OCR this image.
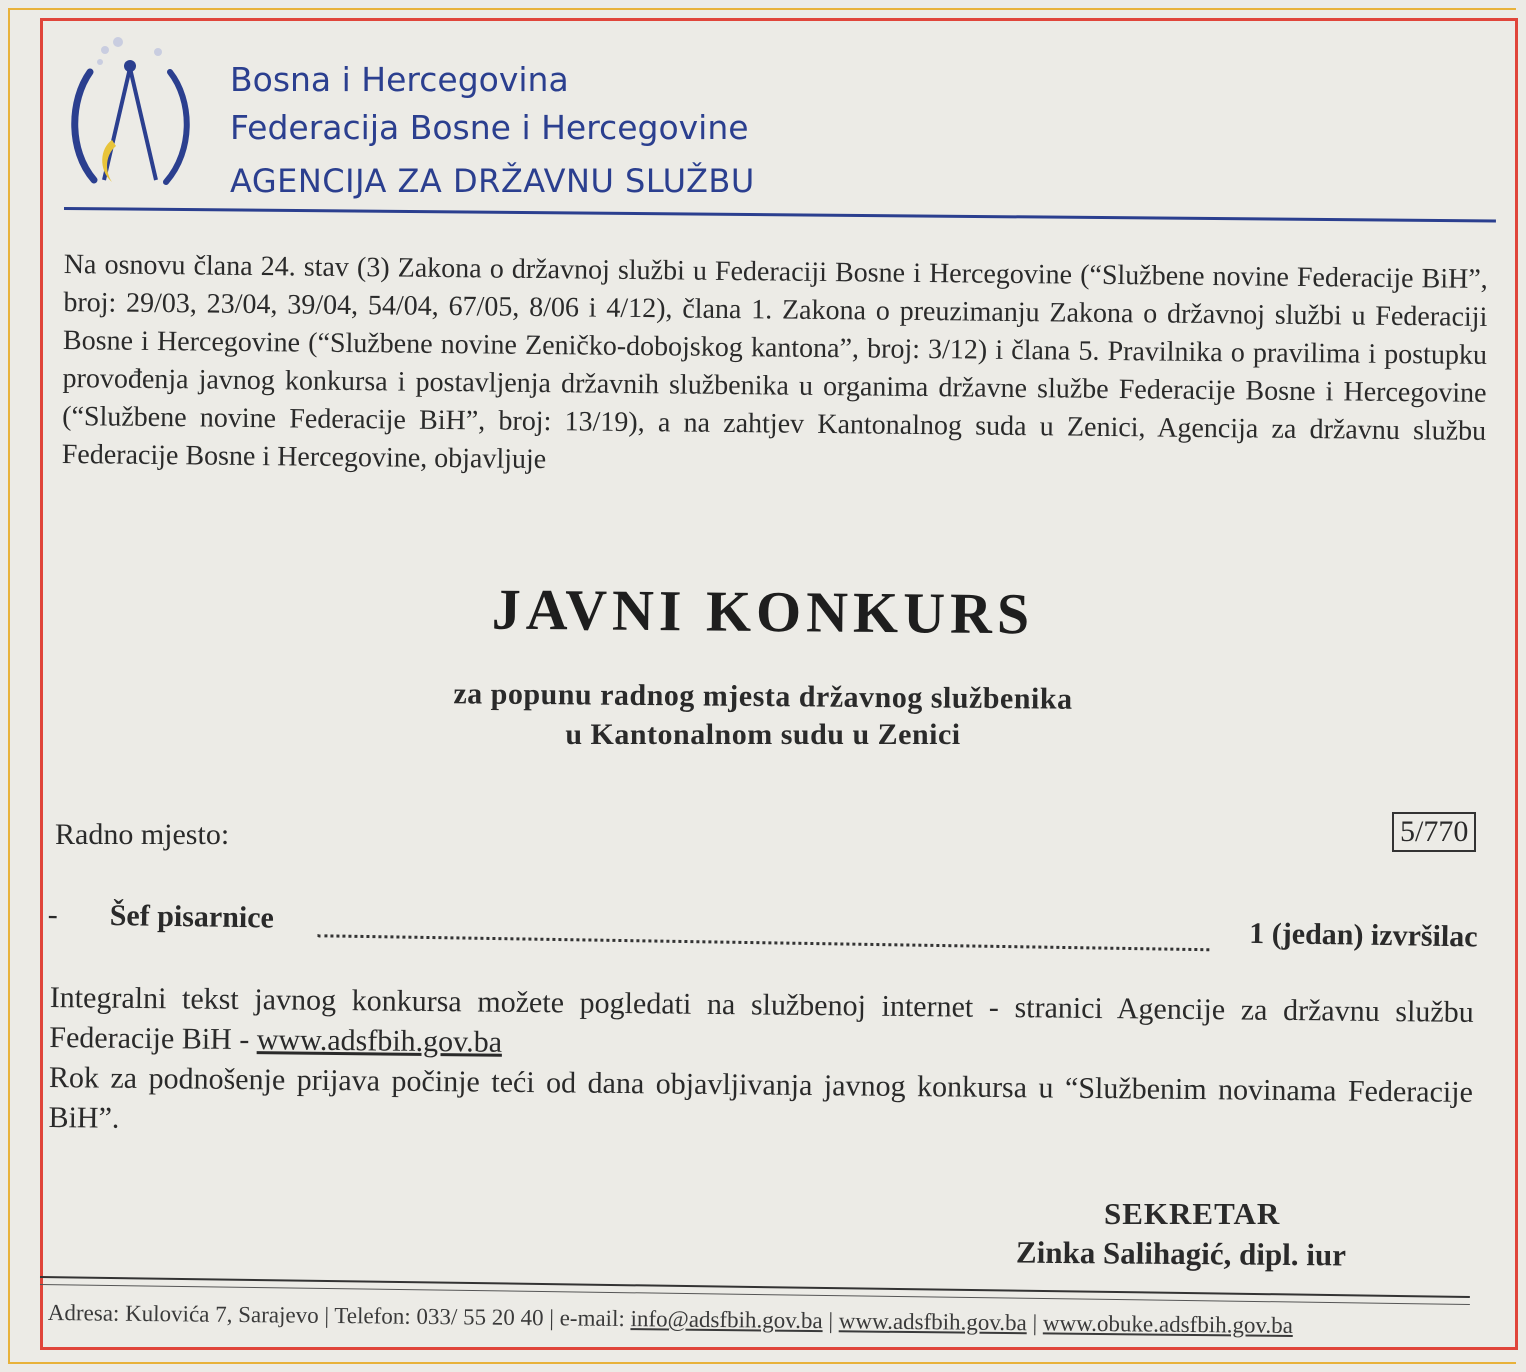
Bosna i Hercegovina
Federacija Bosne i Hercegovine
AGENCIJA ZA DRŽAVNU SLUŽBU
Na osnovu člana 24. stav (3) Zakona o državnoj službi u Federaciji Bosne i Hercegovine (“Službene novine Federacije BiH”, broj: 29/03, 23/04, 39/04, 54/04, 67/05, 8/06 i 4/12), člana 1. Zakona o preuzimanju Zakona o državnoj službi u Federaciji Bosne i Hercegovine (“Službene novine Zeničko-dobojskog kantona”, broj: 3/12) i člana 5. Pravilnika o pravilima i postupku provođenja javnog konkursa i postavljenja državnih službenika u organima državne službe Federacije Bosne i Hercegovine (“Službene novine Federacije BiH”, broj: 13/19), a na zahtjev Kantonalnog suda u Zenici, Agencija za državnu službu Federacije Bosne i Hercegovine, objavljuje
JAVNI KONKURS
za popunu radnog mjesta državnog službenika
u Kantonalnom sudu u Zenici
Radno mjesto:	5/770
- Šef pisarnice
1 (jedan) izvršilac
Integralni tekst javnog konkursa možete pogledati na službenoj internet - stranici Agencije za državnu službu Federacije BiH - www.adsfbih.gov.ba
Rok za podnošenje prijava počinje teći od dana objavljivanja javnog konkursa u “Službenim novinama Federacije BiH”.
SEKRETAR
Zinka Salihagić, dipl. iur
Adresa: Kulovića 7, Sarajevo | Telefon: 033/ 55 20 40 | e-mail: info@adsfbih.gov.ba | www.adsfbih.gov.ba | www.obuke.adsfbih.gov.ba
